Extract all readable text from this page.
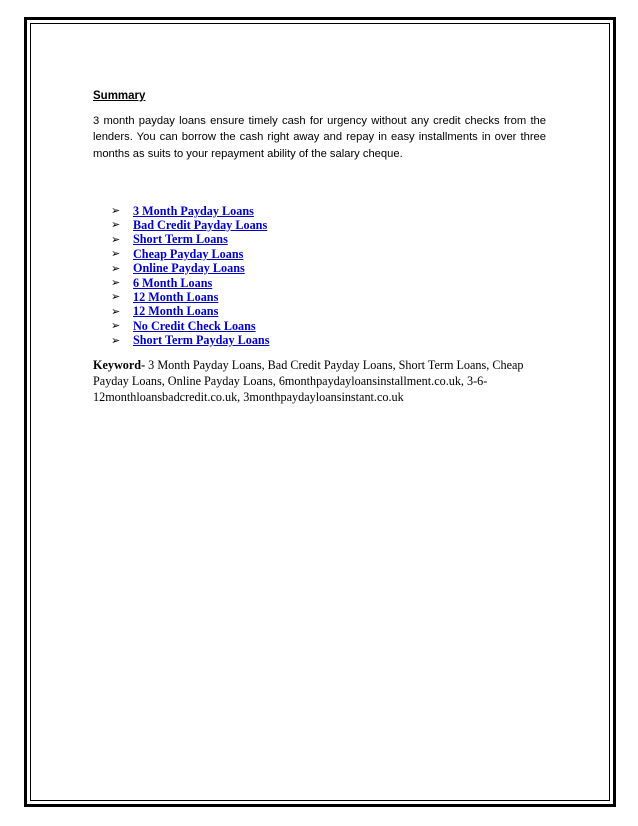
Summary

3 month payday loans ensure timely cash for urgency without any credit checks from the lenders. You can borrow the cash right away and repay in easy installments in over three months as suits to your repayment ability of the salary cheque.

➢	3 Month Payday Loans
➢	Bad Credit Payday Loans
➢	Short Term Loans
➢	Cheap Payday Loans
➢	Online Payday Loans
➢	6 Month Loans
➢	12 Month Loans
➢	12 Month Loans
➢	No Credit Check Loans
➢	Short Term Payday Loans

Keyword- 3 Month Payday Loans, Bad Credit Payday Loans, Short Term Loans, Cheap Payday Loans, Online Payday Loans, 6monthpaydayloansinstallment.co.uk, 3-6-12monthloansbadcredit.co.uk, 3monthpaydayloansinstant.co.uk
